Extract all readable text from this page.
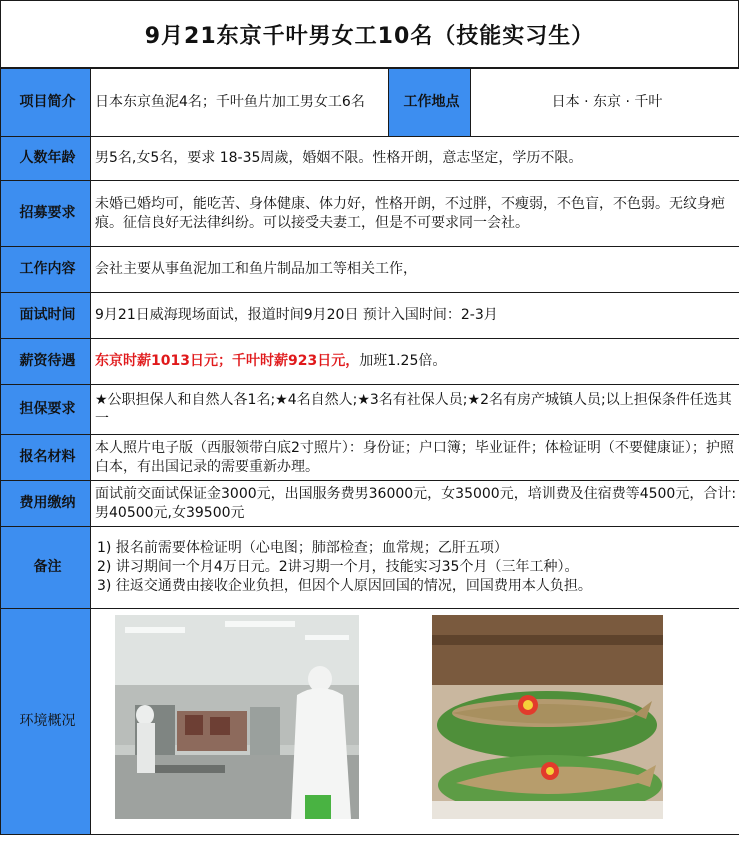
9月21东京千叶男女工10名（技能实习生）
项目简介	日本东京鱼泥4名；千叶鱼片加工男女工6名	工作地点	日本 · 东京 · 千叶
人数年龄	男5名,女5名，要求 18-35周歲，婚姻不限。性格开朗，意志坚定，学历不限。		
招募要求	未婚已婚均可，能吃苦、身体健康、体力好，性格开朗，不过胖，不瘦弱，不色盲，不色弱。无纹身疤痕。征信良好无法律纠纷。可以接受夫妻工，但是不可要求同一会社。		
工作内容	会社主要从事鱼泥加工和鱼片制品加工等相关工作，		
面试时间	9月21日威海现场面试，报道时间9月20日 预计入国时间：2-3月		
薪资待遇	东京时薪1013日元；千叶时薪923日元，加班1.25倍。		
担保要求	★公职担保人和自然人各1名;★4名自然人;★3名有社保人员;★2名有房产城镇人员;以上担保条件任选其一		
报名材料	本人照片电子版（西服领带白底2寸照片）：身份证；户口簿；毕业证件；体检证明（不要健康证）；护照白本，有出国记录的需要重新办理。		
费用缴纳	面试前交面试保证金3000元，出国服务费男36000元，女35000元，培训费及住宿费等4500元，合计:男40500元,女39500元		
备注	1) 报名前需要体检证明（心电图；肺部检查；血常规；乙肝五项）
2) 讲习期间一个月4万日元。2讲习期一个月，技能实习35个月（三年工种）。
3) 往返交通费由接收企业负担，但因个人原因回国的情况，回国费用本人负担。		

环境概况	
